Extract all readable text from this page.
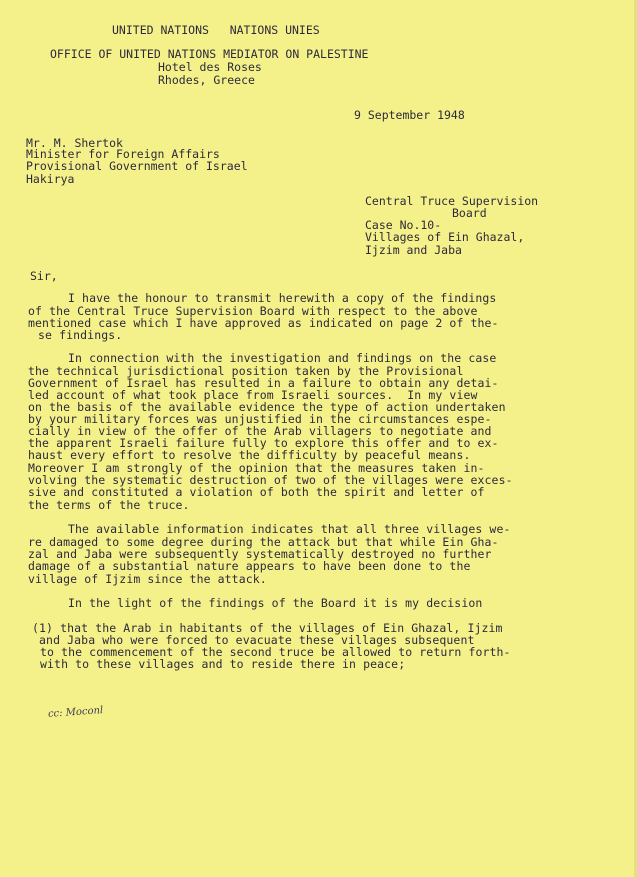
UNITED NATIONS   NATIONS UNIES
OFFICE OF UNITED NATIONS MEDIATOR ON PALESTINE
Hotel des Roses
Rhodes, Greece
9 September 1948
Mr. M. Shertok
Minister for Foreign Affairs
Provisional Government of Israel
Hakirya
Central Truce Supervision
Board
Case No.10-
Villages of Ein Ghazal,
Ijzim and Jaba
Sir,
I have the honour to transmit herewith a copy of the findings
of the Central Truce Supervision Board with respect to the above
mentioned case which I have approved as indicated on page 2 of the-
se findings.
In connection with the investigation and findings on the case
the technical jurisdictional position taken by the Provisional
Government of Israel has resulted in a failure to obtain any detai-
led account of what took place from Israeli sources.  In my view
on the basis of the available evidence the type of action undertaken
by your military forces was unjustified in the circumstances espe-
cially in view of the offer of the Arab villagers to negotiate and
the apparent Israeli failure fully to explore this offer and to ex-
haust every effort to resolve the difficulty by peaceful means.
Moreover I am strongly of the opinion that the measures taken in-
volving the systematic destruction of two of the villages were exces-
sive and constituted a violation of both the spirit and letter of
the terms of the truce.
The available information indicates that all three villages we-
re damaged to some degree during the attack but that while Ein Gha-
zal and Jaba were subsequently systematically destroyed no further
damage of a substantial nature appears to have been done to the
village of Ijzim since the attack.
In the light of the findings of the Board it is my decision
(1) that the Arab in habitants of the villages of Ein Ghazal, Ijzim
and Jaba who were forced to evacuate these villages subsequent
to the commencement of the second truce be allowed to return forth-
with to these villages and to reside there in peace;
cc: Moconl
